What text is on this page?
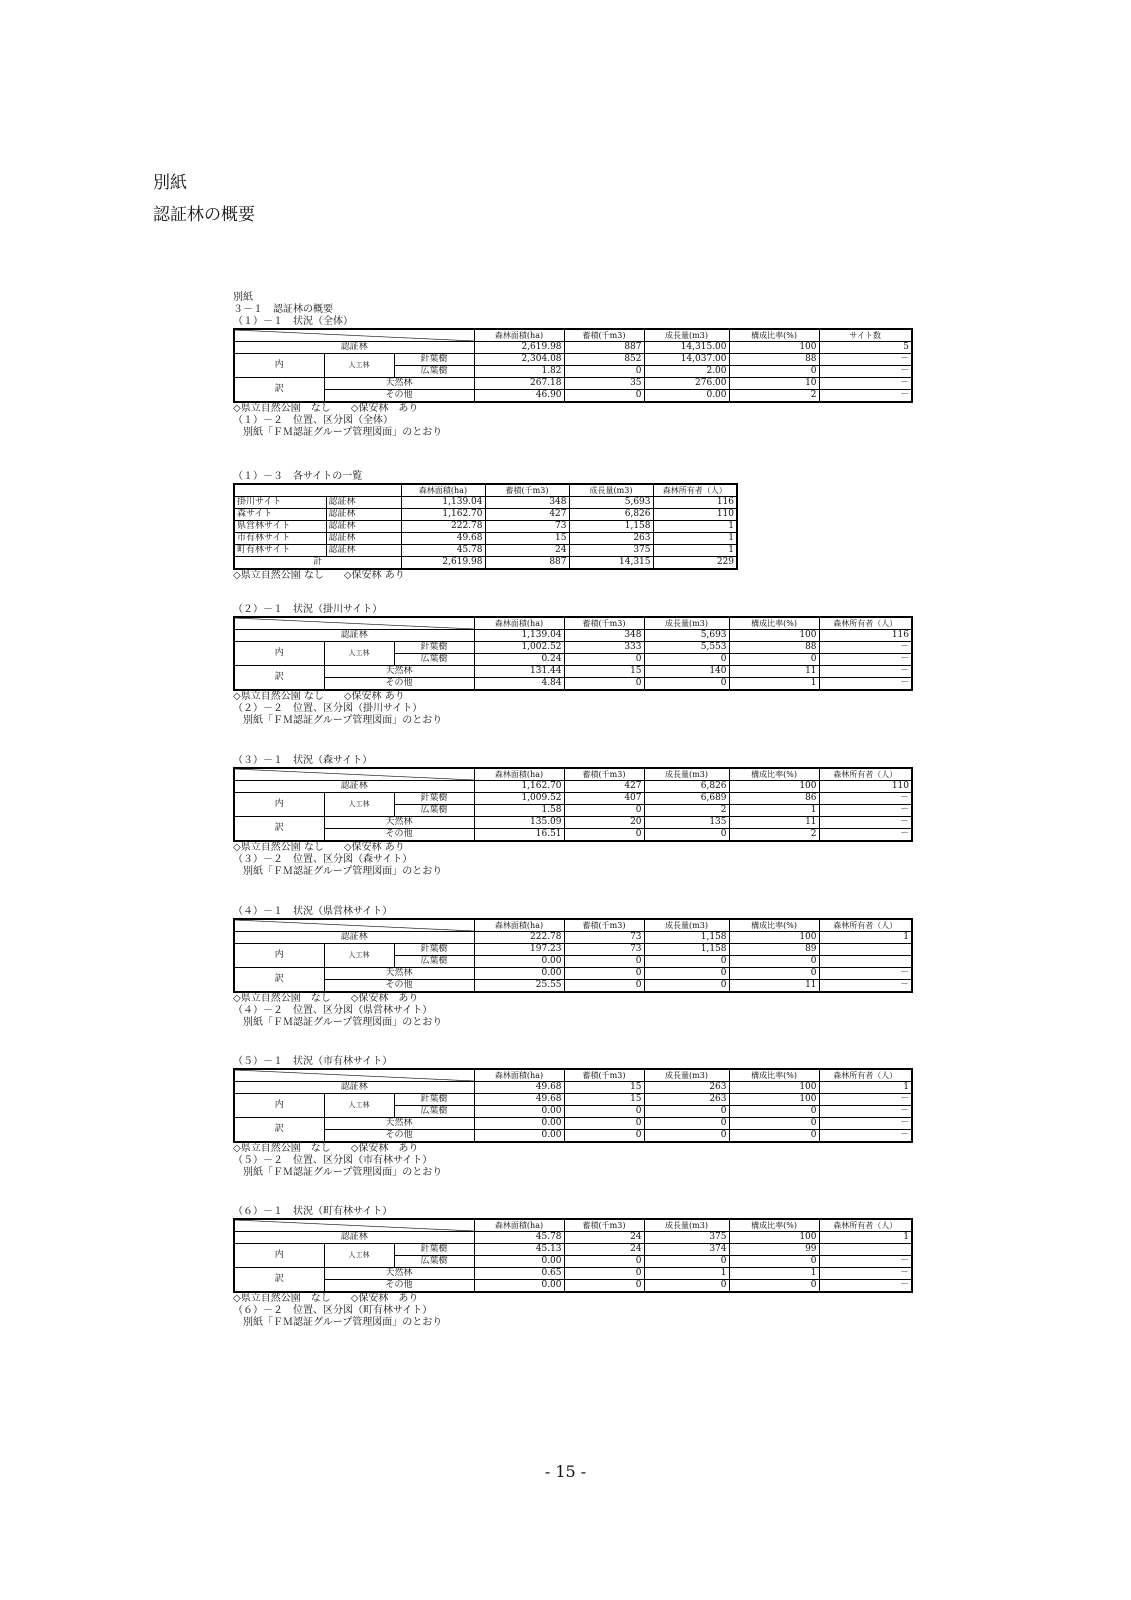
別紙
認証林の概要
別紙
３－１　認証林の概要
（１）－１　状況（全体）
			森林面積(ha)	蓄積(千m3)	成長量(m3)	構成比率(%)	サイト数
認証林			2,619.98	887	14,315.00	100	5
内	人工林	針葉樹	2,304.08	852	14,037.00	88	－
		広葉樹	1.82	0	2.00	0	－
訳	天然林		267.18	35	276.00	10	－
	その他		46.90	0	0.00	2	－
◇県立自然公園　なし　　◇保安林　あり
（１）－２　位置、区分図（全体）
別紙「ＦＭ認証グループ管理図面」のとおり
（１）－３　各サイトの一覧
		森林面積(ha)	蓄積(千m3)	成長量(m3)	森林所有者（人）
掛川サイト	認証林	1,139.04	348	5,693	116
森サイト	認証林	1,162.70	427	6,826	110
県営林サイト	認証林	222.78	73	1,158	1
市有林サイト	認証林	49.68	15	263	1
町有林サイト	認証林	45.78	24	375	1
計		2,619.98	887	14,315	229
◇県立自然公園 なし　　◇保安林 あり
（２）－１　状況（掛川サイト）
			森林面積(ha)	蓄積(千m3)	成長量(m3)	構成比率(%)	森林所有者（人）
認証林			1,139.04	348	5,693	100	116
内	人工林	針葉樹	1,002.52	333	5,553	88	－
		広葉樹	0.24	0	0	0	－
訳	天然林		131.44	15	140	11	－
	その他		4.84	0	0	1	－
◇県立自然公園 なし　　◇保安林 あり
（２）－２　位置、区分図（掛川サイト）
別紙「ＦＭ認証グループ管理図面」のとおり
（３）－１　状況（森サイト）
			森林面積(ha)	蓄積(千m3)	成長量(m3)	構成比率(%)	森林所有者（人）
認証林			1,162.70	427	6,826	100	110
内	人工林	針葉樹	1,009.52	407	6,689	86	－
		広葉樹	1.58	0	2	1	－
訳	天然林		135.09	20	135	11	－
	その他		16.51	0	0	2	－
◇県立自然公園 なし　　◇保安林 あり
（３）－２　位置、区分図（森サイト）
別紙「ＦＭ認証グループ管理図面」のとおり
（４）－１　状況（県営林サイト）
			森林面積(ha)	蓄積(千m3)	成長量(m3)	構成比率(%)	森林所有者（人）
認証林			222.78	73	1,158	100	1
内	人工林	針葉樹	197.23	73	1,158	89	
		広葉樹	0.00	0	0	0	
訳	天然林		0.00	0	0	0	－
	その他		25.55	0	0	11	－
◇県立自然公園　なし　　◇保安林　あり
（４）－２　位置、区分図（県営林サイト）
別紙「ＦＭ認証グループ管理図面」のとおり
（５）－１　状況（市有林サイト）
			森林面積(ha)	蓄積(千m3)	成長量(m3)	構成比率(%)	森林所有者（人）
認証林			49.68	15	263	100	1
内	人工林	針葉樹	49.68	15	263	100	－
		広葉樹	0.00	0	0	0	－
訳	天然林		0.00	0	0	0	－
	その他		0.00	0	0	0	－
◇県立自然公園　なし　　◇保安林　あり
（５）－２　位置、区分図（市有林サイト）
別紙「ＦＭ認証グループ管理図面」のとおり
（６）－１　状況（町有林サイト）
			森林面積(ha)	蓄積(千m3)	成長量(m3)	構成比率(%)	森林所有者（人）
認証林			45.78	24	375	100	1
内	人工林	針葉樹	45.13	24	374	99	
		広葉樹	0.00	0	0	0	－
訳	天然林		0.65	0	1	1	－
	その他		0.00	0	0	0	－
◇県立自然公園　なし　　◇保安林　あり
（６）－２　位置、区分図（町有林サイト）
別紙「ＦＭ認証グループ管理図面」のとおり
- 15 -
